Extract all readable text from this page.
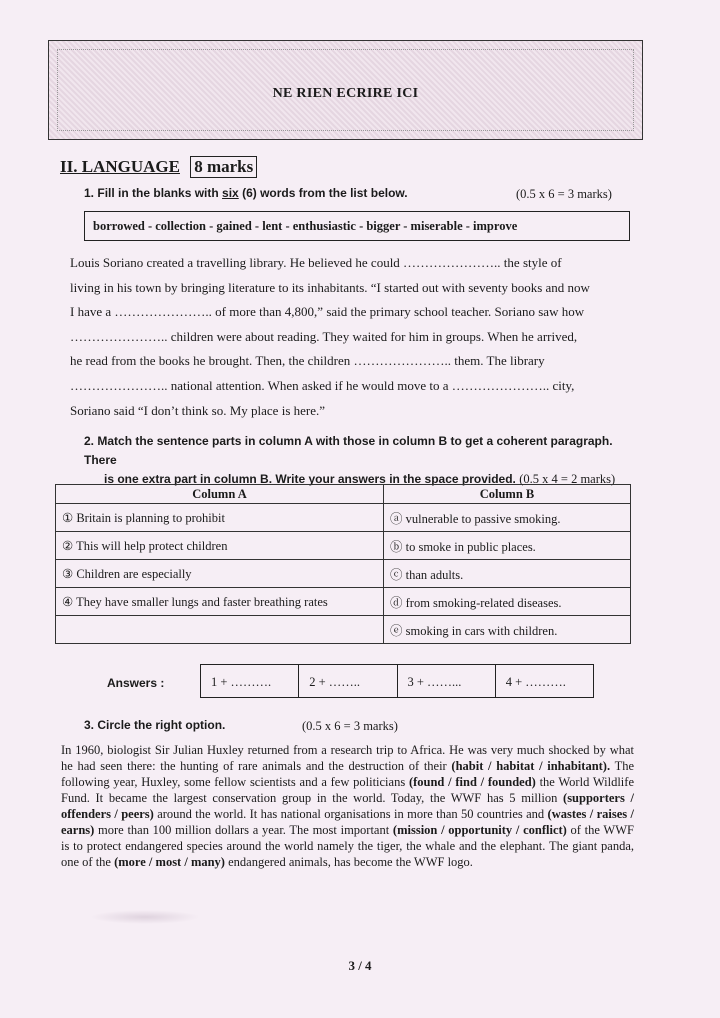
NE RIEN ECRIRE ICI
II. LANGUAGE 8 marks
1. Fill in the blanks with six (6) words from the list below.	(0.5 x 6 = 3 marks)
borrowed - collection - gained - lent - enthusiastic - bigger - miserable - improve
Louis Soriano created a travelling library. He believed he could ………………….. the style of
living in his town by bringing literature to its inhabitants. “I started out with seventy books and now
I have a ………………….. of more than 4,800,” said the primary school teacher. Soriano saw how
………………….. children were about reading. They waited for him in groups. When he arrived,
he read from the books he brought. Then, the children ………………….. them. The library
………………….. national attention. When asked if he would move to a ………………….. city,
Soriano said “I don’t think so. My place is here.”
2. Match the sentence parts in column A with those in column B to get a coherent paragraph. There
is one extra part in column B. Write your answers in the space provided. (0.5 x 4 = 2 marks)
Column A	Column B
① Britain is planning to prohibit	ⓐ vulnerable to passive smoking.
② This will help protect children	ⓑ to smoke in public places.
③ Children are especially	ⓒ than adults.
④ They have smaller lungs and faster breathing rates	ⓓ from smoking-related diseases.
	ⓔ smoking in cars with children.
Answers :	1 + ……….	2 + ……..	3 + ……...	4 + ……….
3. Circle the right option.	(0.5 x 6 = 3 marks)
In 1960, biologist Sir Julian Huxley returned from a research trip to Africa. He was very much shocked by what he had seen there: the hunting of rare animals and the destruction of their (habit / habitat / inhabitant). The following year, Huxley, some fellow scientists and a few politicians (found / find / founded) the World Wildlife Fund. It became the largest conservation group in the world. Today, the WWF has 5 million (supporters / offenders / peers) around the world. It has national organisations in more than 50 countries and (wastes / raises / earns) more than 100 million dollars a year. The most important (mission / opportunity / conflict) of the WWF is to protect endangered species around the world namely the tiger, the whale and the elephant. The giant panda, one of the (more / most / many) endangered animals, has become the WWF logo.
3 / 4
